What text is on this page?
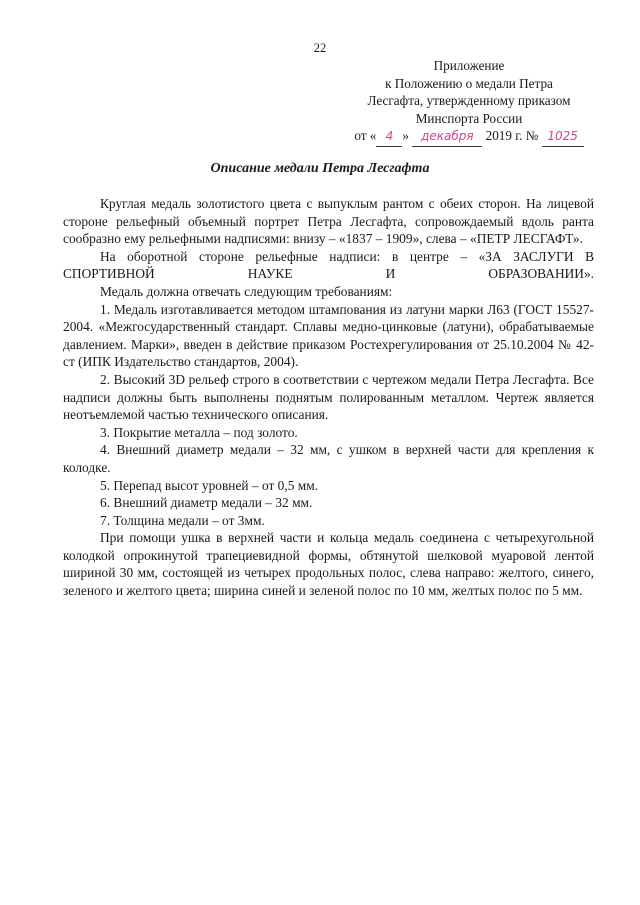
22
Приложение
к Положению о медали Петра
Лесгафта, утвержденному приказом
Минспорта России
от « 4 » декабря 2019 г. № 1025
Описание медали Петра Лесгафта

Круглая медаль золотистого цвета с выпуклым рантом с обеих сторон. На лицевой стороне рельефный объемный портрет Петра Лесгафта, сопровождаемый вдоль ранта сообразно ему рельефными надписями: внизу – «1837 – 1909», слева – «ПЕТР ЛЕСГАФТ».

На оборотной стороне рельефные надписи: в центре – «ЗА ЗАСЛУГИ В СПОРТИВНОЙ НАУКЕ И ОБРАЗОВАНИИ».

Медаль должна отвечать следующим требованиям:

1. Медаль изготавливается методом штампования из латуни марки Л63 (ГОСТ 15527-2004. «Межгосударственный стандарт. Сплавы медно-цинковые (латуни), обрабатываемые давлением. Марки», введен в действие приказом Ростехрегулирования от 25.10.2004 № 42-ст (ИПК Издательство стандартов, 2004).

2. Высокий 3D рельеф строго в соответствии с чертежом медали Петра Лесгафта. Все надписи должны быть выполнены поднятым полированным металлом. Чертеж является неотъемлемой частью технического описания.

3. Покрытие металла – под золото.

4. Внешний диаметр медали – 32 мм, с ушком в верхней части для крепления к колодке.

5. Перепад высот уровней – от 0,5 мм.

6. Внешний диаметр медали – 32 мм.

7. Толщина медали – от 3мм.

При помощи ушка в верхней части и кольца медаль соединена с четырехугольной колодкой опрокинутой трапециевидной формы, обтянутой шелковой муаровой лентой шириной 30 мм, состоящей из четырех продольных полос, слева направо: желтого, синего, зеленого и желтого цвета; ширина синей и зеленой полос по 10 мм, желтых полос по 5 мм.
